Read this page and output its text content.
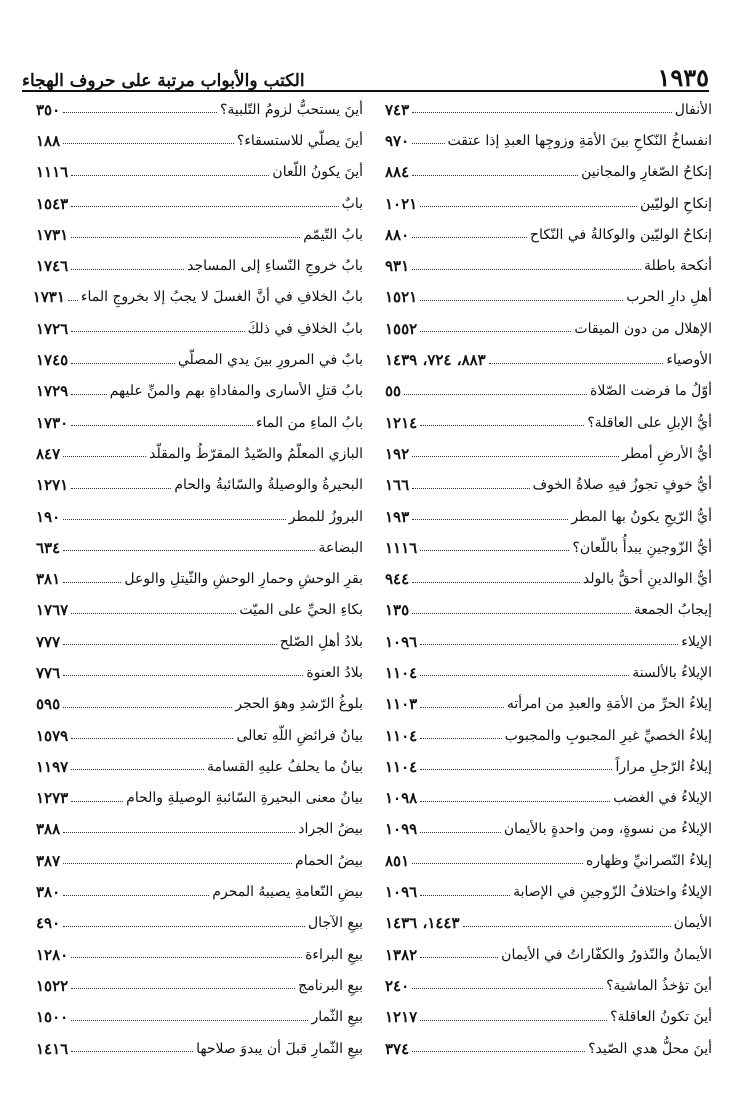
١٩٣٥
الكتب والأبواب مرتبة على حروف الهجاء
الأنفال
٧٤٣
انفساخُ النّكاحِ بينَ الأمَةِ وزوجِها العبدِ إذا عتقت
٩٧٠
إنكاحُ الصّغارِ والمجانين
٨٨٤
إنكاحِ الوليّين
١٠٢١
إنكاحُ الوليّين والوكالةُ في النّكاح
٨٨٠
أنكحة باطلة
٩٣١
أهلِ دارِ الحرب
١٥٢١
الإهلال من دون الميقات
١٥٥٢
الأوصياء
٨٨٣، ٧٢٤، ١٤٣٩
أوّلُ ما فرضت الصّلاة
٥٥
أيُّ الإبلِ على العاقلة؟
١٢١٤
أيُّ الأرضِ أمطر
١٩٢
أيُّ خوفٍ تجوزُ فيهِ صلاةُ الخوف
١٦٦
أيُّ الرّيحِ يكونُ بها المطر
١٩٣
أيُّ الزّوجينِ يبدأُ باللّعان؟
١١١٦
أيُّ الوالدينِ أحقُّ بالولد
٩٤٤
إيجابُ الجمعة
١٣٥
الإيلاء
١٠٩٦
الإيلاءُ بالألسنة
١١٠٤
إيلاءُ الحرِّ من الأمَةِ والعبدِ من امرأته
١١٠٣
إيلاءُ الخصيِّ غيرِ المجبوبِ والمجبوب
١١٠٤
إيلاءُ الرّجلِ مراراً
١١٠٤
الإيلاءُ في الغضب
١٠٩٨
الإيلاءُ من نسوةٍ، ومن واحدةٍ بالأيمان
١٠٩٩
إيلاءُ النّصرانيِّ وظهاره
٨٥١
الإيلاءُ واختلافُ الزّوجينِ في الإصابة
١٠٩٦
الأيمان
١٤٤٣، ١٤٣٦
الأيمانُ والنّذورُ والكفّاراتُ في الأيمان
١٣٨٢
أينَ تؤخذُ الماشية؟
٢٤٠
أينَ تكونُ العاقلة؟
١٢١٧
أينَ محلُّ هدي الصّيد؟
٣٧٤
أينَ يستحبُّ لزومُ التّلبية؟
٣٥٠
أينَ يصلّي للاستسقاء؟
١٨٨
أينَ يكونُ اللّعان
١١١٦
بابٌ
١٥٤٣
بابُ التّيمّم
١٧٣١
بابُ خروجِ النّساءِ إلى المساجد
١٧٤٦
بابُ الخلافِ في أنَّ الغسلَ لا يجبُ إلا بخروجِ الماء
١٧٣١
بابُ الخلافِ في ذلكَ
١٧٢٦
بابٌ في المرورِ بينَ يدي المصلّي
١٧٤٥
بابُ قتلِ الأسارى والمفاداةِ بهم والمنِّ عليهم
١٧٢٩
بابُ الماءِ من الماء
١٧٣٠
البازي المعلّمُ والصّيدُ المقرّطُ والمقلّد
٨٤٧
البحيرةُ والوصيلةُ والسّائبةُ والحام
١٢٧١
البروزُ للمطر
١٩٠
البضاعة
٦٣٤
بقرِ الوحشِ وحمارِ الوحشِ والثّيتلِ والوعل
٣٨١
بكاءِ الحيِّ على الميّت
١٧٦٧
بلادُ أهلِ الصّلح
٧٧٧
بلادُ العنوة
٧٧٦
بلوغُ الرّشدِ وهوَ الحجر
٥٩٥
بيانُ فرائضِ اللّهِ تعالى
١٥٧٩
بيانُ ما يحلفُ عليهِ القسامة
١١٩٧
بيانُ معنى البحيرةِ السّائبةِ الوصيلةِ والحام
١٢٧٣
بيضُ الجراد
٣٨٨
بيضُ الحمام
٣٨٧
بيضِ النّعامةِ يصيبهُ المحرم
٣٨٠
بيعِ الآجال
٤٩٠
بيعِ البراءة
١٢٨٠
بيعِ البرنامج
١٥٢٢
بيعِ الثّمار
١٥٠٠
بيعِ الثّمارِ قبلَ أن يبدوَ صلاحها
١٤١٦
